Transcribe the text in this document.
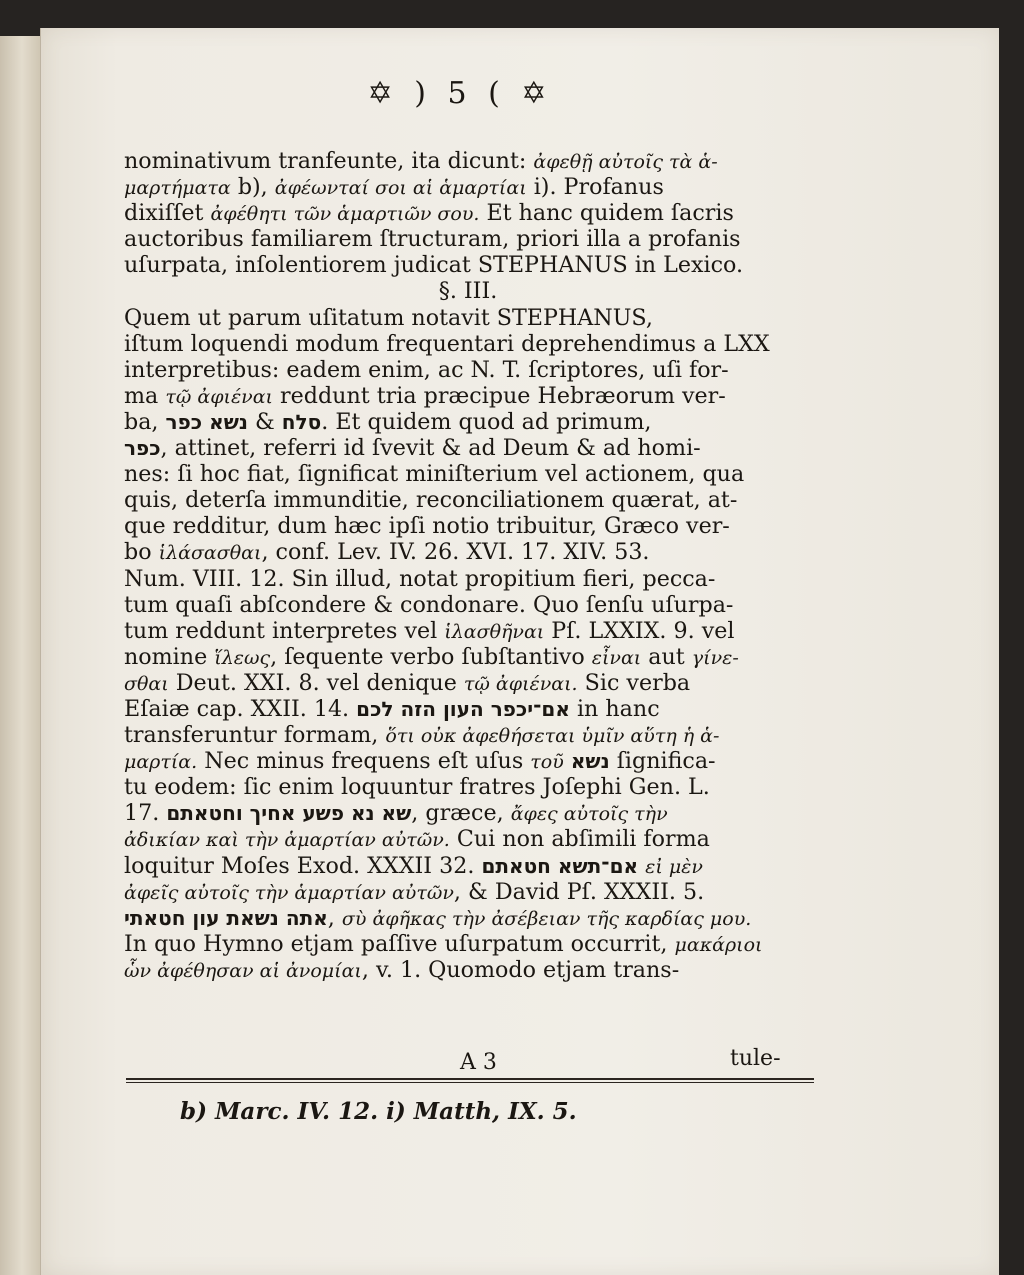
✡ ) 5 ( ✡
nominativum tranfeunte, ita dicunt: ἀφεθῇ αὐτοῖς τὰ ἁ-
μαρτήματα b), ἀφέωνταί σοι αἱ ἁμαρτίαι i). Profanus
dixiſſet ἀφέθητι τῶν ἁμαρτιῶν σου. Et hanc quidem ſacris
auctoribus familiarem ſtructuram, priori illa a profanis
uſurpata, inſolentiorem judicat STEPHANUS in Lexico.
§. III.
Quem ut parum uſitatum notavit STEPHANUS,
iſtum loquendi modum frequentari deprehendimus a LXX
interpretibus: eadem enim, ac N. T. ſcriptores, uſi for-
ma τῷ ἀφιέναι reddunt tria præcipue Hebræorum ver-
ba, כפר נשא & סלח. Et quidem quod ad primum,
כפר, attinet, referri id ſvevit & ad Deum & ad homi-
nes: ſi hoc fiat, ſignificat miniſterium vel actionem, qua
quis, deterſa immunditie, reconciliationem quærat, at-
que redditur, dum hæc ipſi notio tribuitur, Græco ver-
bo ἱλάσασθαι, conf. Lev. IV. 26. XVI. 17. XIV. 53.
Num. VIII. 12. Sin illud, notat propitium fieri, pecca-
tum quaſi abſcondere & condonare. Quo ſenſu uſurpa-
tum reddunt interpretes vel ἱλασθῆναι Pſ. LXXIX. 9. vel
nomine ἵλεως, ſequente verbo ſubſtantivo εἶναι aut γίνε-
σθαι Deut. XXI. 8. vel denique τῷ ἀφιέναι. Sic verba
Eſaiæ cap. XXII. 14. אם־יכפר העון הזה לכם in hanc
transferuntur formam, ὅτι οὐκ ἀφεθήσεται ὑμῖν αὕτη ἡ ἁ-
μαρτία. Nec minus frequens eſt uſus τοῦ נשא ſignifica-
tu eodem: ſic enim loquuntur fratres Joſephi Gen. L.
17. שא נא פשע אחיך וחטאתם, græce, ἄφες αὐτοῖς τὴν
ἀδικίαν καὶ τὴν ἁμαρτίαν αὐτῶν. Cui non abſimili forma
loquitur Moſes Exod. XXXII 32. אם־תשא חטאתם εἰ μὲν
ἀφεῖς αὐτοῖς τὴν ἁμαρτίαν αὐτῶν, & David Pſ. XXXII. 5.
אתה נשאת עון חטאתי, σὺ ἀφῆκας τὴν ἀσέβειαν τῆς καρδίας μου.
In quo Hymno etjam paſſive uſurpatum occurrit, μακάριοι
ὧν ἀφέθησαν αἱ ἀνομίαι, v. 1. Quomodo etjam trans-
A 3	tule-
b) Marc. IV. 12. i) Matth, IX. 5.
